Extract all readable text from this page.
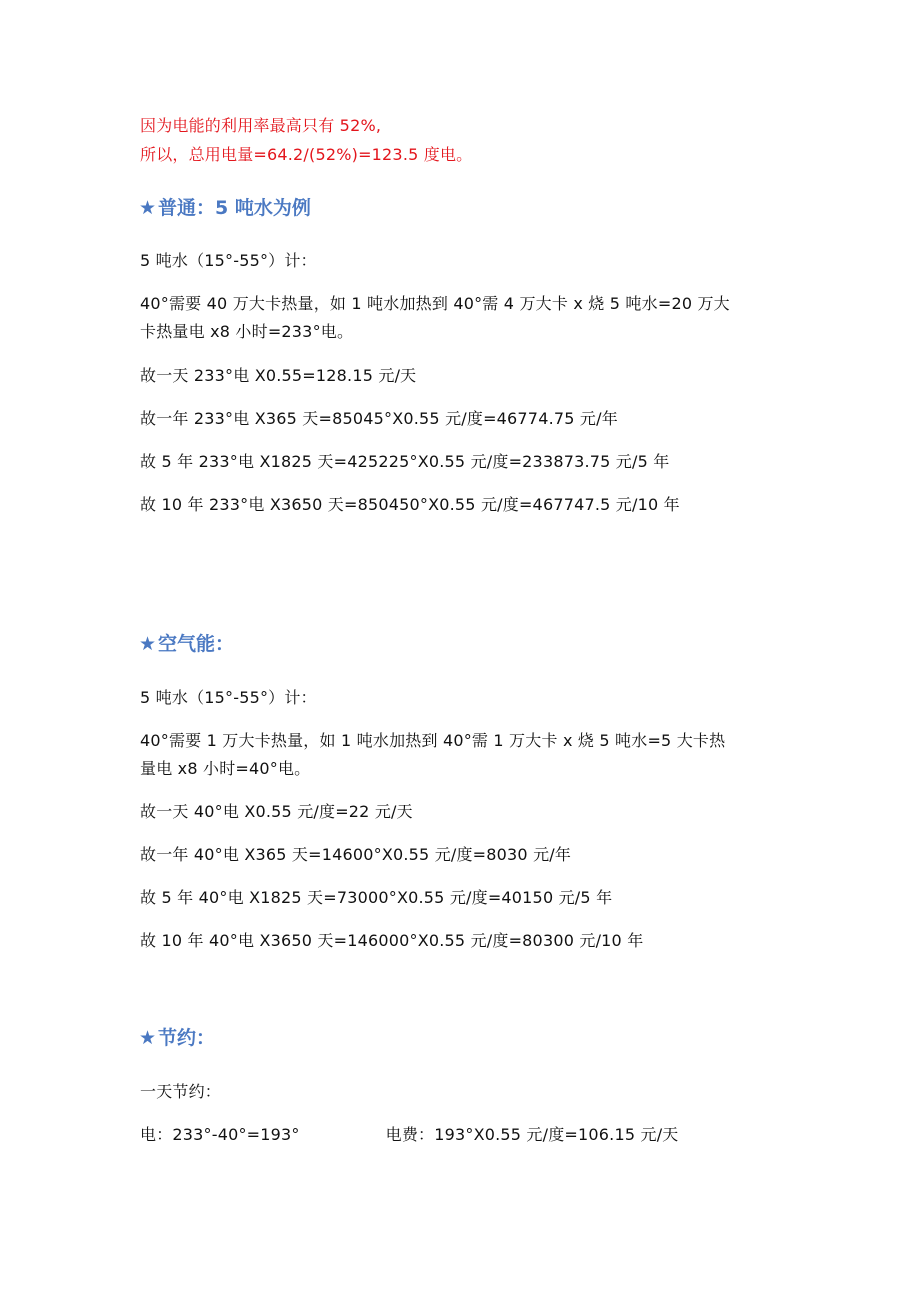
因为电能的利用率最高只有 52%,
所以，总用电量=64.2/(52%)=123.5 度电。
★ 普通：5 吨水为例
5 吨水（15°-55°）计：
40°需要 40 万大卡热量，如 1 吨水加热到 40°需 4 万大卡 x 烧 5 吨水=20 万大
卡热量电 x8 小时=233°电。
故一天 233°电 X0.55=128.15 元/天
故一年 233°电 X365 天=85045°X0.55 元/度=46774.75 元/年
故 5 年 233°电 X1825 天=425225°X0.55 元/度=233873.75 元/5 年
故 10 年 233°电 X3650 天=850450°X0.55 元/度=467747.5 元/10 年
★ 空气能：
5 吨水（15°-55°）计：
40°需要 1 万大卡热量，如 1 吨水加热到 40°需 1 万大卡 x 烧 5 吨水=5 大卡热
量电 x8 小时=40°电。
故一天 40°电 X0.55 元/度=22 元/天
故一年 40°电 X365 天=14600°X0.55 元/度=8030 元/年
故 5 年 40°电 X1825 天=73000°X0.55 元/度=40150 元/5 年
故 10 年 40°电 X3650 天=146000°X0.55 元/度=80300 元/10 年
★ 节约：
一天节约：
电：233°-40°=193°	电费：193°X0.55 元/度=106.15 元/天
